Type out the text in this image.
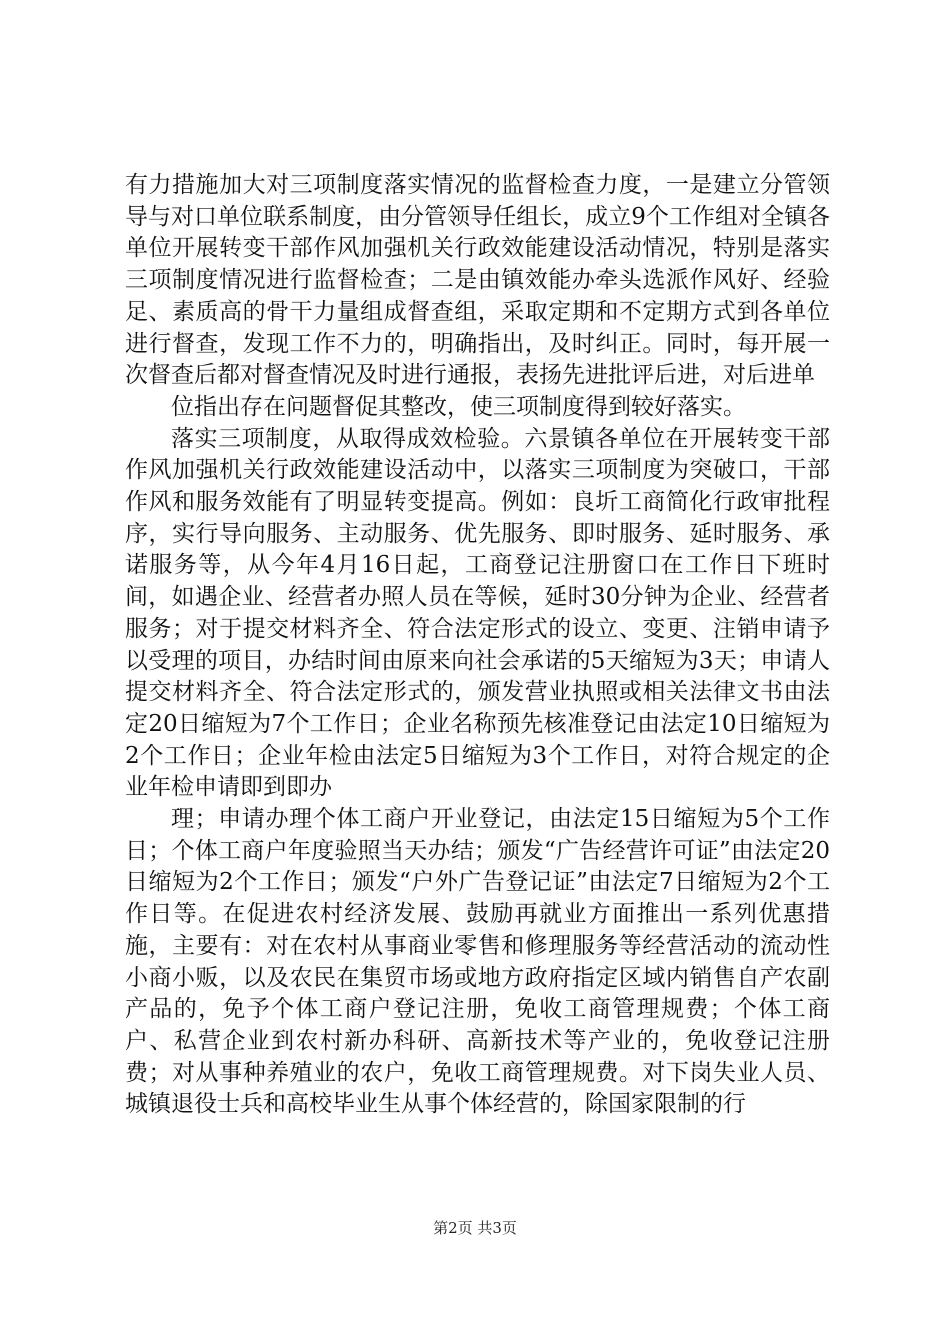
有力措施加大对三项制度落实情况的监督检查力度，一是建立分管领导与对口单位联系制度，由分管领导任组长，成立9个工作组对全镇各单位开展转变干部作风加强机关行政效能建设活动情况，特别是落实三项制度情况进行监督检查；二是由镇效能办牵头选派作风好、经验足、素质高的骨干力量组成督查组，采取定期和不定期方式到各单位进行督查，发现工作不力的，明确指出，及时纠正。同时，每开展一次督查后都对督查情况及时进行通报，表扬先进批评后进，对后进单

位指出存在问题督促其整改，使三项制度得到较好落实。

落实三项制度，从取得成效检验。六景镇各单位在开展转变干部作风加强机关行政效能建设活动中，以落实三项制度为突破口，干部作风和服务效能有了明显转变提高。例如：良圻工商简化行政审批程序，实行导向服务、主动服务、优先服务、即时服务、延时服务、承诺服务等，从今年4月16日起，工商登记注册窗口在工作日下班时间，如遇企业、经营者办照人员在等候，延时30分钟为企业、经营者服务；对于提交材料齐全、符合法定形式的设立、变更、注销申请予以受理的项目，办结时间由原来向社会承诺的5天缩短为3天；申请人提交材料齐全、符合法定形式的，颁发营业执照或相关法律文书由法定20日缩短为7个工作日；企业名称预先核准登记由法定10日缩短为2个工作日；企业年检由法定5日缩短为3个工作日，对符合规定的企业年检申请即到即办

理；申请办理个体工商户开业登记，由法定15日缩短为5个工作日；个体工商户年度验照当天办结；颁发“广告经营许可证”由法定20日缩短为2个工作日；颁发“户外广告登记证”由法定7日缩短为2个工作日等。在促进农村经济发展、鼓励再就业方面推出一系列优惠措施，主要有：对在农村从事商业零售和修理服务等经营活动的流动性小商小贩，以及农民在集贸市场或地方政府指定区域内销售自产农副产品的，免予个体工商户登记注册，免收工商管理规费；个体工商户、私营企业到农村新办科研、高新技术等产业的，免收登记注册费；对从事种养殖业的农户，免收工商管理规费。对下岗失业人员、城镇退役士兵和高校毕业生从事个体经营的，除国家限制的行

第2页 共3页
